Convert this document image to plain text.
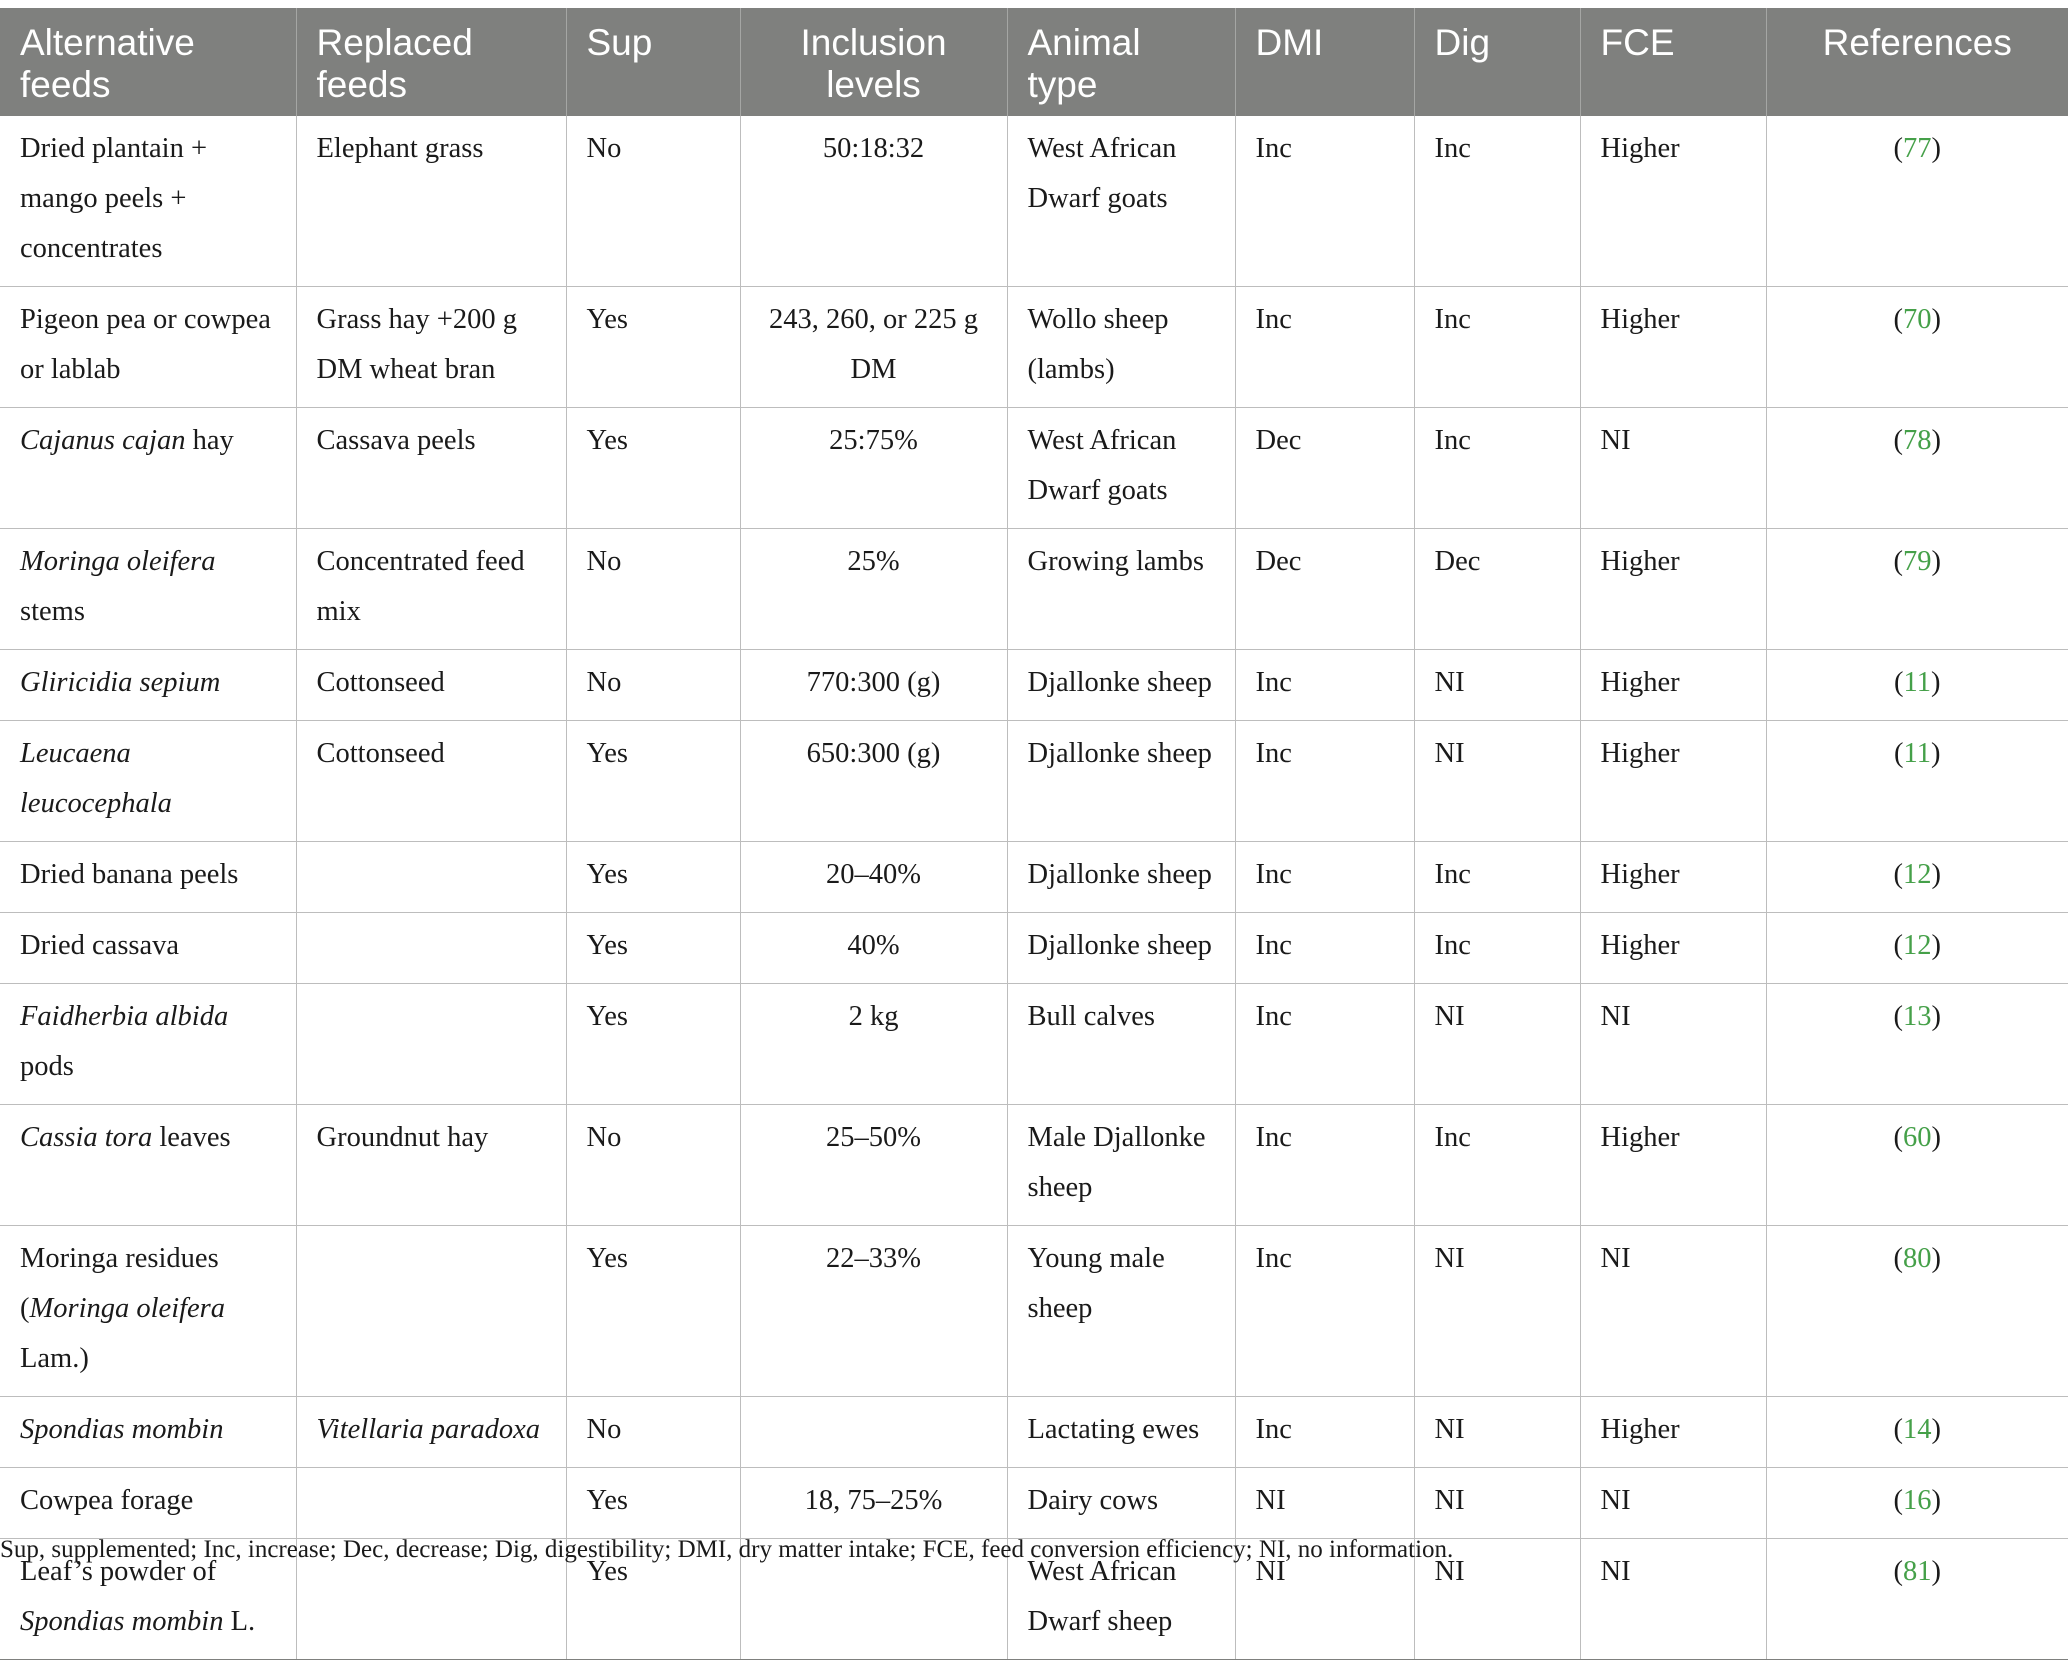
Alternative feeds	Replaced feeds	Sup	Inclusion levels	Animal type	DMI	Dig	FCE	References
Dried plantain + mango peels + concentrates	Elephant grass	No	50:18:32	West African Dwarf goats	Inc	Inc	Higher	(77)
Pigeon pea or cowpea or lablab	Grass hay +200 g DM wheat bran	Yes	243, 260, or 225 g DM	Wollo sheep (lambs)	Inc	Inc	Higher	(70)
Cajanus cajan hay	Cassava peels	Yes	25:75%	West African Dwarf goats	Dec	Inc	NI	(78)
Moringa oleifera stems	Concentrated feed mix	No	25%	Growing lambs	Dec	Dec	Higher	(79)
Gliricidia sepium	Cottonseed	No	770:300 (g)	Djallonke sheep	Inc	NI	Higher	(11)
Leucaena leucocephala	Cottonseed	Yes	650:300 (g)	Djallonke sheep	Inc	NI	Higher	(11)
Dried banana peels		Yes	20–40%	Djallonke sheep	Inc	Inc	Higher	(12)
Dried cassava		Yes	40%	Djallonke sheep	Inc	Inc	Higher	(12)
Faidherbia albida pods		Yes	2 kg	Bull calves	Inc	NI	NI	(13)
Cassia tora leaves	Groundnut hay	No	25–50%	Male Djallonke sheep	Inc	Inc	Higher	(60)
Moringa residues (Moringa oleifera Lam.)		Yes	22–33%	Young male sheep	Inc	NI	NI	(80)
Spondias mombin	Vitellaria paradoxa	No		Lactating ewes	Inc	NI	Higher	(14)
Cowpea forage		Yes	18, 75–25%	Dairy cows	NI	NI	NI	(16)
Leaf’s powder of Spondias mombin L.		Yes		West African Dwarf sheep	NI	NI	NI	(81)
Sup, supplemented; Inc, increase; Dec, decrease; Dig, digestibility; DMI, dry matter intake; FCE, feed conversion efficiency; NI, no information.
